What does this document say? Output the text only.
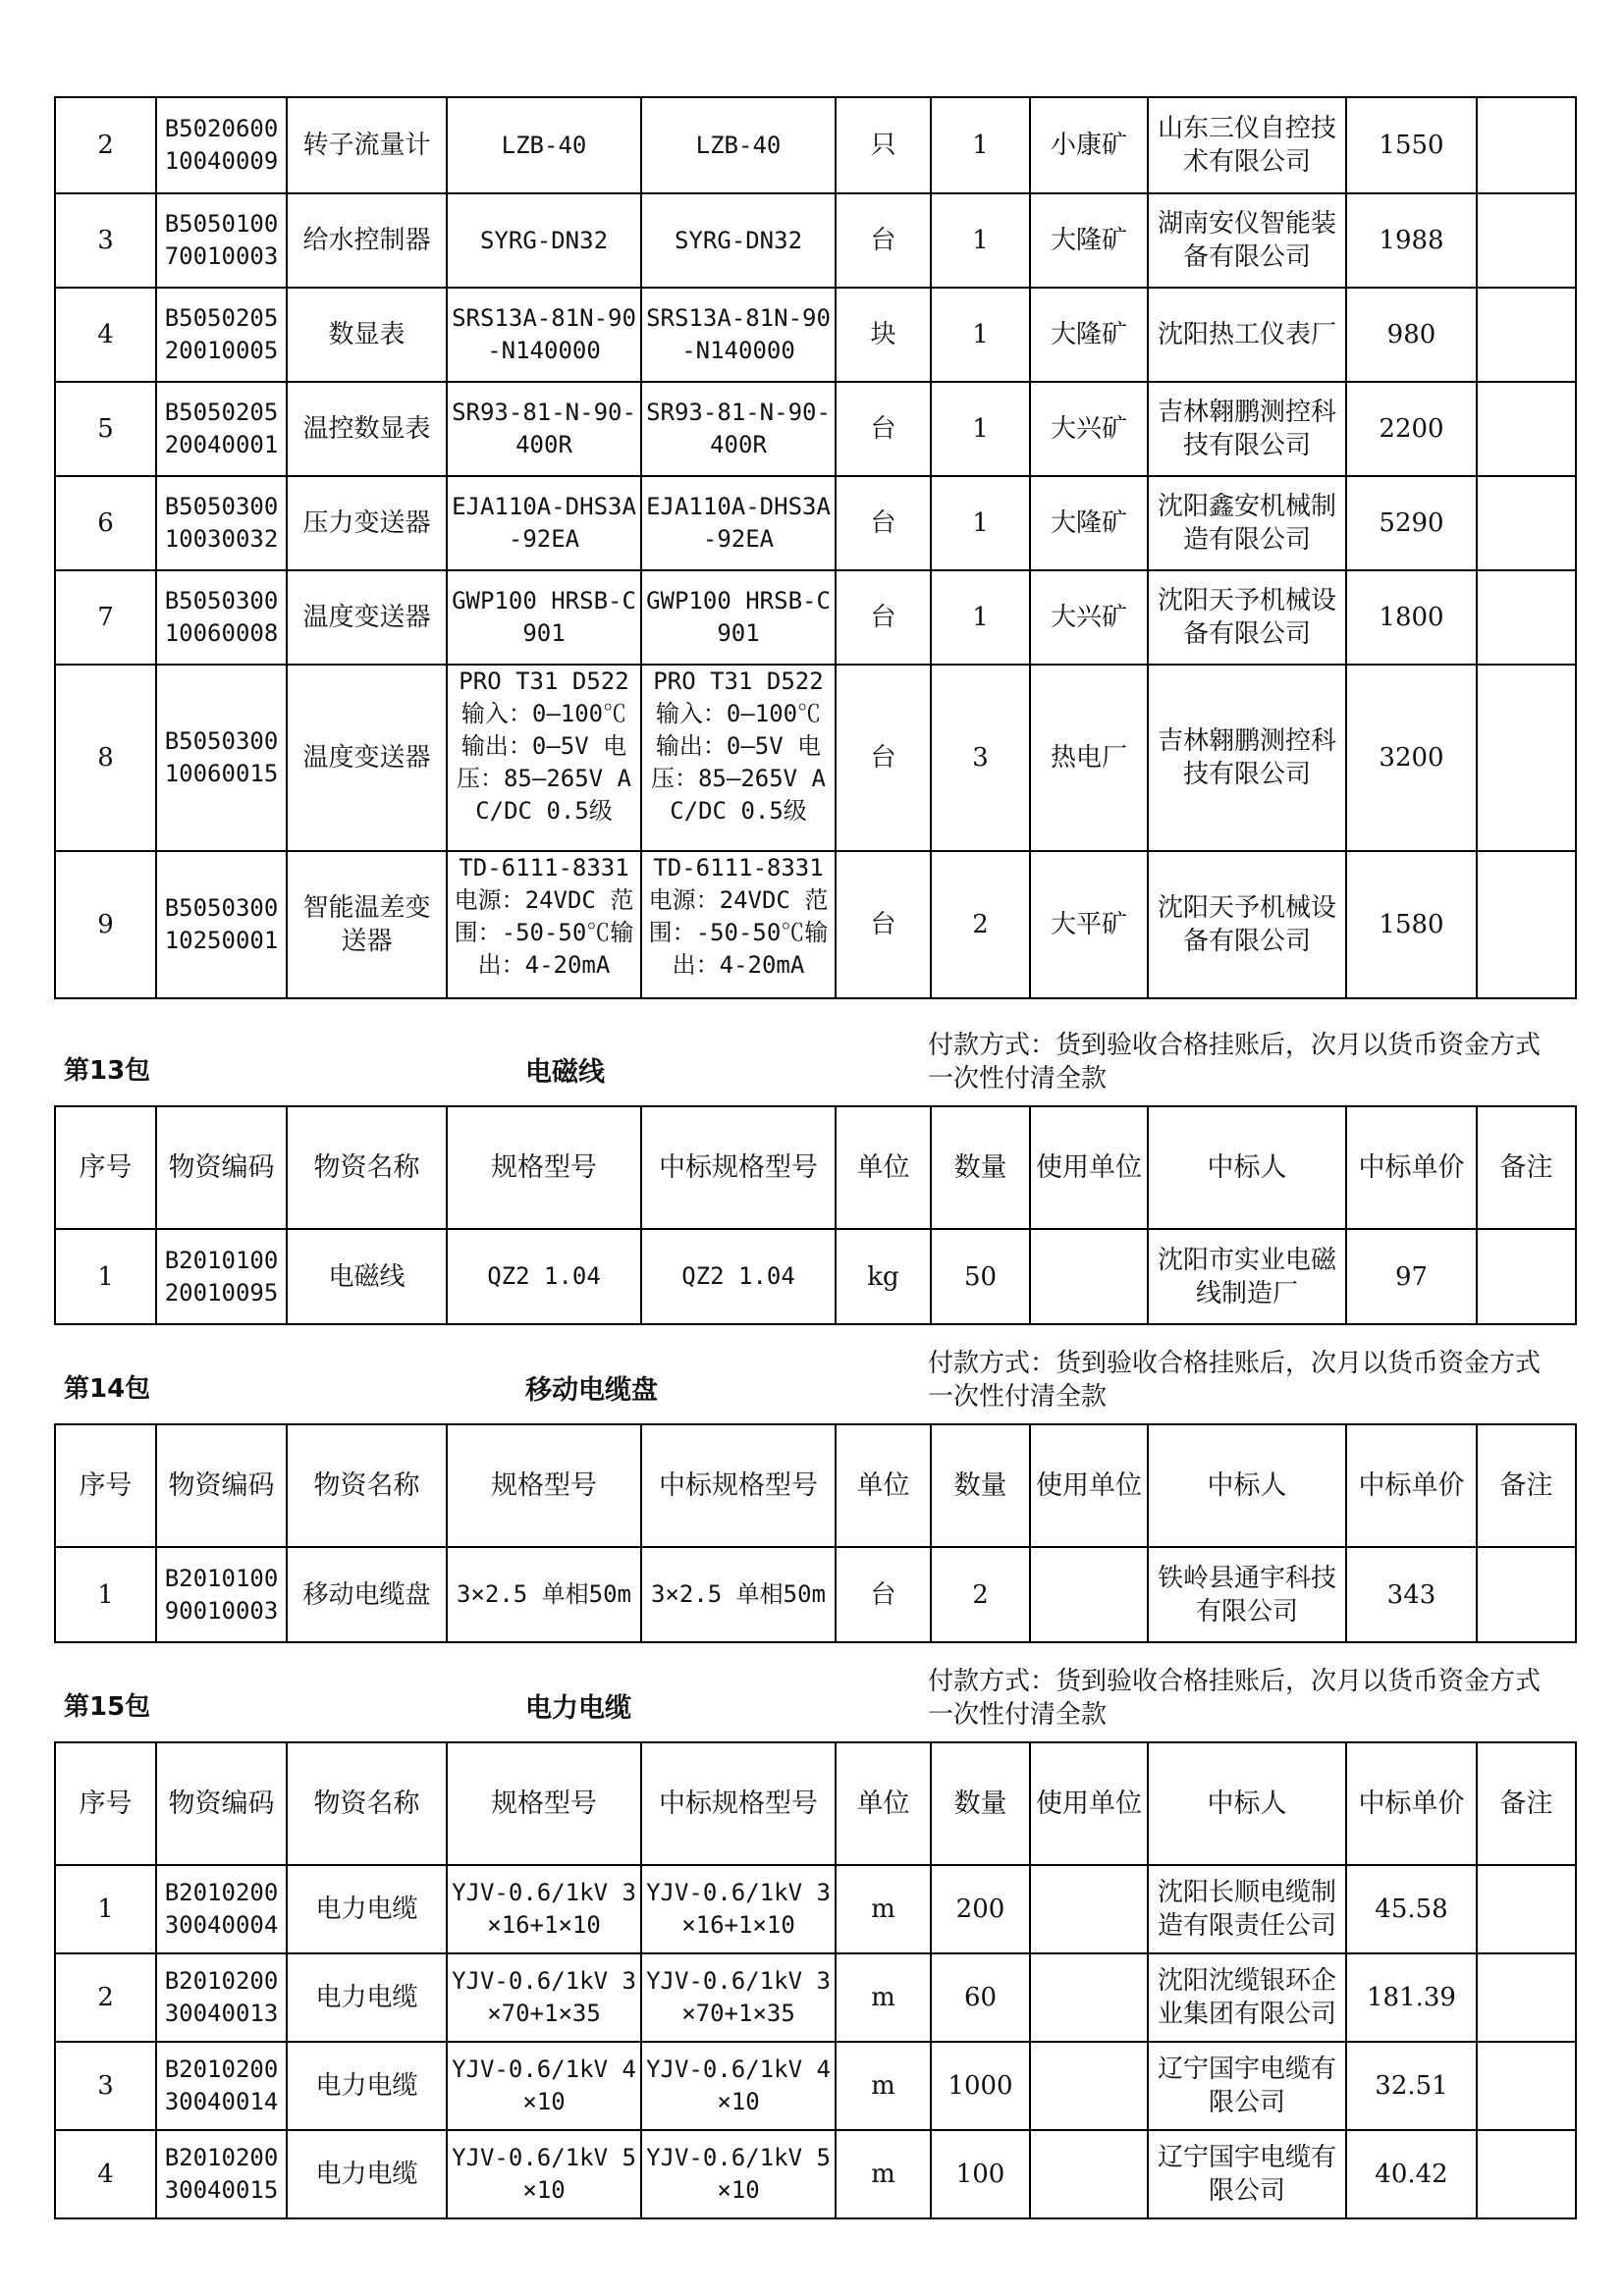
2	B502060010040009	转子流量计	LZB-40	LZB-40	只	1	小康矿	山东三仪自控技术有限公司	1550	
3	B505010070010003	给水控制器	SYRG-DN32	SYRG-DN32	台	1	大隆矿	湖南安仪智能装备有限公司	1988	
4	B505020520010005	数显表	SRS13A-81N-90-N140000	SRS13A-81N-90-N140000	块	1	大隆矿	沈阳热工仪表厂	980	
5	B505020520040001	温控数显表	SR93-81-N-90-400R	SR93-81-N-90-400R	台	1	大兴矿	吉林翱鹏测控科技有限公司	2200	
6	B505030010030032	压力变送器	EJA110A-DHS3A-92EA	EJA110A-DHS3A-92EA	台	1	大隆矿	沈阳鑫安机械制造有限公司	5290	
7	B505030010060008	温度变送器	GWP100 HRSB-C901	GWP100 HRSB-C901	台	1	大兴矿	沈阳天予机械设备有限公司	1800	
8	B505030010060015	温度变送器	PRO T31 D522 输入：0—100℃ 输出：0—5V 电压：85—265V AC/DC 0.5级	PRO T31 D522 输入：0—100℃ 输出：0—5V 电压：85—265V AC/DC 0.5级	台	3	热电厂	吉林翱鹏测控科技有限公司	3200	
9	B505030010250001	智能温差变送器	TD-6111-8331 电源：24VDC 范围：-50-50℃输出：4-20mA	TD-6111-8331 电源：24VDC 范围：-50-50℃输出：4-20mA	台	2	大平矿	沈阳天予机械设备有限公司	1580	
第13包	电磁线
付款方式：货到验收合格挂账后，次月以货币资金方式一次性付清全款
序号	物资编码	物资名称	规格型号	中标规格型号	单位	数量	使用单位	中标人	中标单价	备注
1	B201010020010095	电磁线	QZ2 1.04	QZ2 1.04	kg	50		沈阳市实业电磁线制造厂	97	
第14包	移动电缆盘
付款方式：货到验收合格挂账后，次月以货币资金方式一次性付清全款
序号	物资编码	物资名称	规格型号	中标规格型号	单位	数量	使用单位	中标人	中标单价	备注
1	B201010090010003	移动电缆盘	3×2.5 单相50m	3×2.5 单相50m	台	2		铁岭县通宇科技有限公司	343	
第15包	电力电缆
付款方式：货到验收合格挂账后，次月以货币资金方式一次性付清全款
序号	物资编码	物资名称	规格型号	中标规格型号	单位	数量	使用单位	中标人	中标单价	备注
1	B201020030040004	电力电缆	YJV-0.6/1kV 3×16+1×10	YJV-0.6/1kV 3×16+1×10	m	200		沈阳长顺电缆制造有限责任公司	45.58	
2	B201020030040013	电力电缆	YJV-0.6/1kV 3×70+1×35	YJV-0.6/1kV 3×70+1×35	m	60		沈阳沈缆银环企业集团有限公司	181.39	
3	B201020030040014	电力电缆	YJV-0.6/1kV 4×10	YJV-0.6/1kV 4×10	m	1000		辽宁国宇电缆有限公司	32.51	
4	B201020030040015	电力电缆	YJV-0.6/1kV 5×10	YJV-0.6/1kV 5×10	m	100		辽宁国宇电缆有限公司	40.42	
